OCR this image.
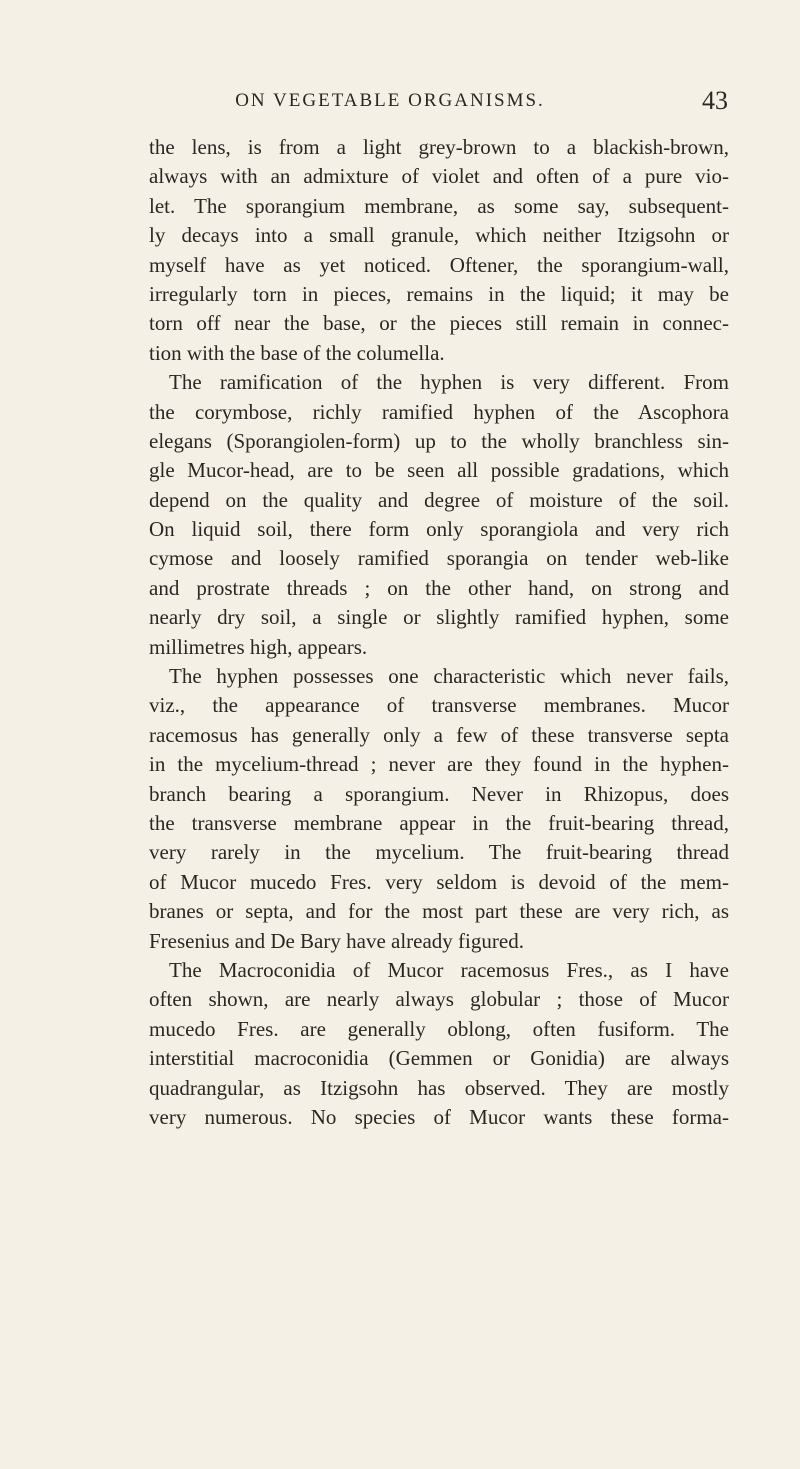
ON VEGETABLE ORGANISMS.	43
the lens, is from a light grey-brown to a blackish-brown,
always with an admixture of violet and often of a pure vio-
let. The sporangium membrane, as some say, subsequent-
ly decays into a small granule, which neither Itzigsohn or
myself have as yet noticed. Oftener, the sporangium-wall,
irregularly torn in pieces, remains in the liquid; it may be
torn off near the base, or the pieces still remain in connec-
tion with the base of the columella.
The ramification of the hyphen is very different. From
the corymbose, richly ramified hyphen of the Ascophora
elegans (Sporangiolen-form) up to the wholly branchless sin-
gle Mucor-head, are to be seen all possible gradations, which
depend on the quality and degree of moisture of the soil.
On liquid soil, there form only sporangiola and very rich
cymose and loosely ramified sporangia on tender web-like
and prostrate threads ; on the other hand, on strong and
nearly dry soil, a single or slightly ramified hyphen, some
millimetres high, appears.
The hyphen possesses one characteristic which never fails,
viz., the appearance of transverse membranes. Mucor
racemosus has generally only a few of these transverse septa
in the mycelium-thread ; never are they found in the hyphen-
branch bearing a sporangium. Never in Rhizopus, does
the transverse membrane appear in the fruit-bearing thread,
very rarely in the mycelium. The fruit-bearing thread
of Mucor mucedo Fres. very seldom is devoid of the mem-
branes or septa, and for the most part these are very rich, as
Fresenius and De Bary have already figured.
The Macroconidia of Mucor racemosus Fres., as I have
often shown, are nearly always globular ; those of Mucor
mucedo Fres. are generally oblong, often fusiform. The
interstitial macroconidia (Gemmen or Gonidia) are always
quadrangular, as Itzigsohn has observed. They are mostly
very numerous. No species of Mucor wants these forma-
